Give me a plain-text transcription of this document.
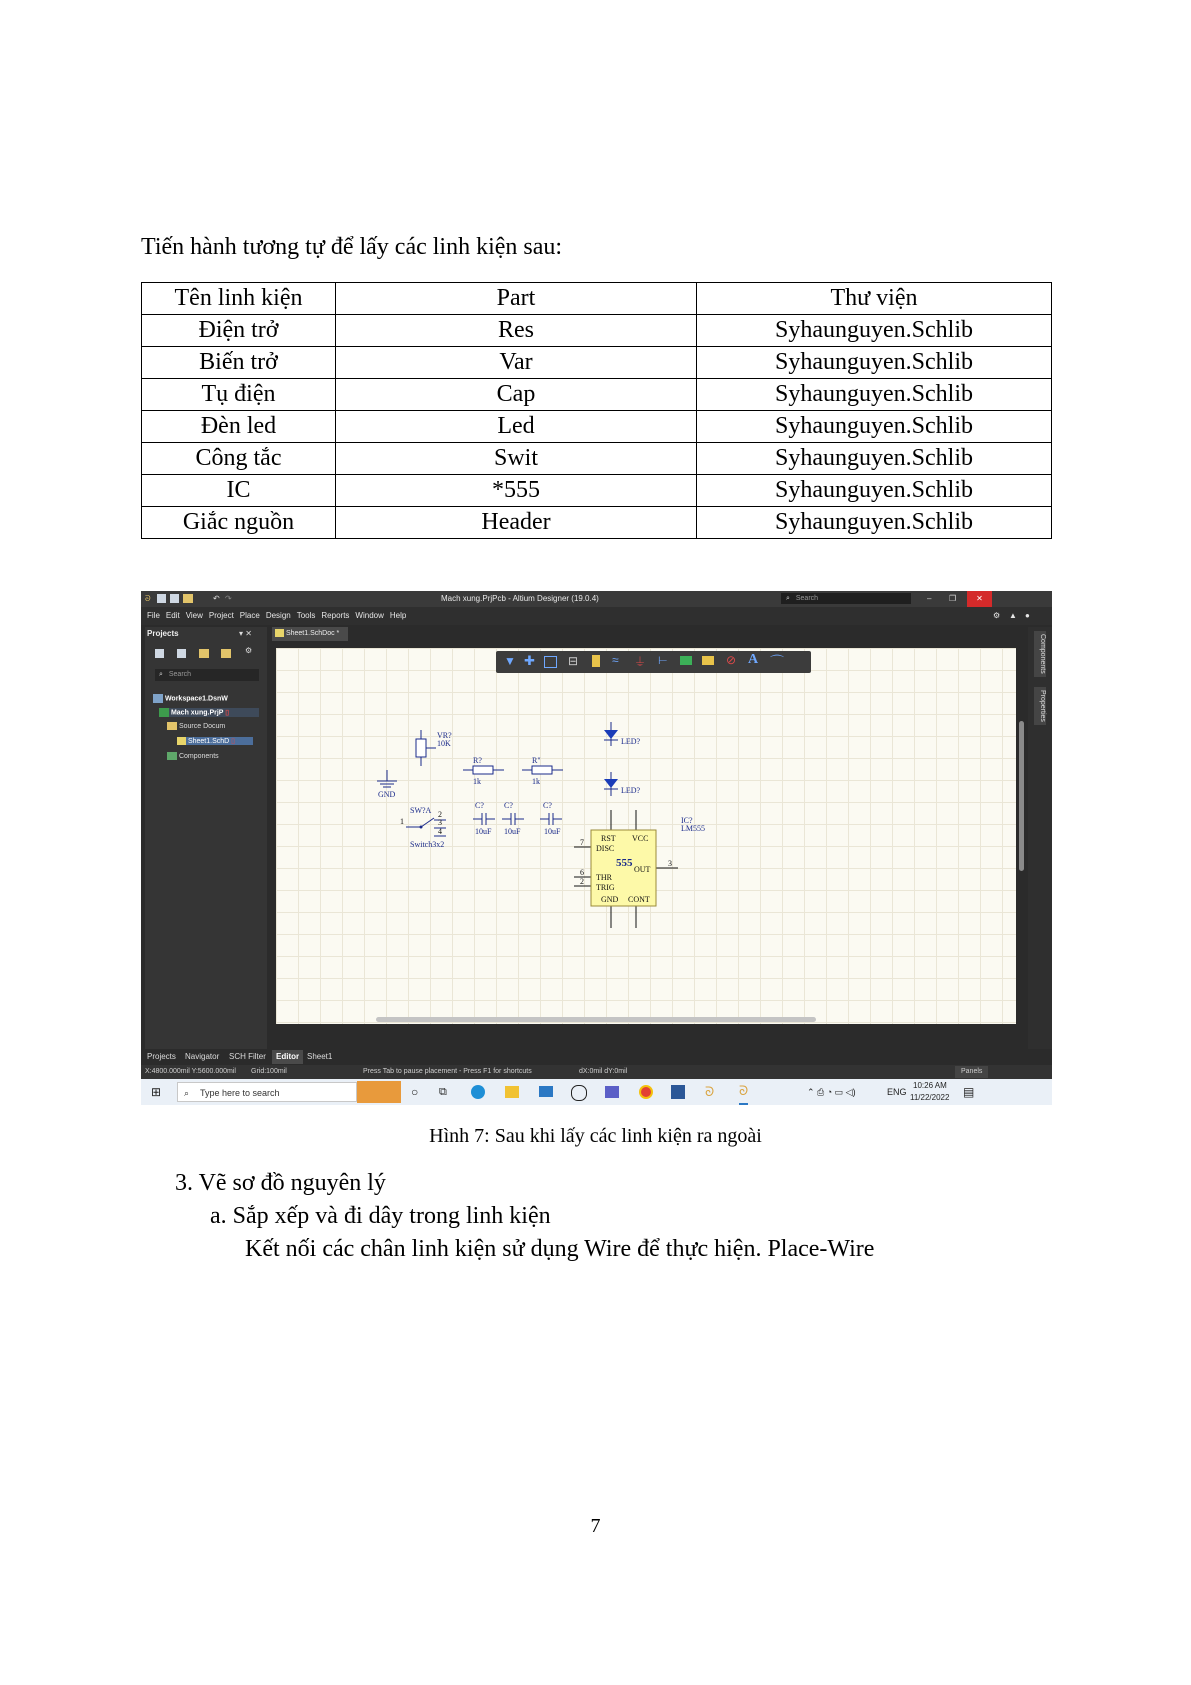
Tiến hành tương tự để lấy các linh kiện sau:
Tên linh kiện	Part	Thư viện
Điện trở	Res	Syhaunguyen.Schlib
Biến trở	Var	Syhaunguyen.Schlib
Tụ điện	Cap	Syhaunguyen.Schlib
Đèn led	Led	Syhaunguyen.Schlib
Công tắc	Swit	Syhaunguyen.Schlib
IC	*555	Syhaunguyen.Schlib
Giắc nguồn	Header	Syhaunguyen.Schlib
ᘐ	↶ ↷	Mach xung.PrjPcb - Altium Designer (19.0.4)	⌕ Search	– ❐	✕
File Edit View Project Place Design Tools Reports Window Help	⚙ ▲ ●
Projects	▾ ✕
⚙
⌕ Search
Workspace1.DsnW
Mach xung.PrjP ▯
Source Docum
Sheet1.SchD ▯
Components
Sheet1.SchDoc *
Components
Properties
VR?
10K
R?
1k
R"
1k
GND
LED?
LED?
SW?A
1
2
3
4
Switch3x2
C?
10uF
C?
10uF
C?
10uF
RST VCC
DISC
555
OUT
THR
TRIG
GND CONT
7
3
6
2
IC?
LM555
▼ ✚	⊟	≈ ⏚ ⊢	⊘ A ⌒
Projects Navigator SCH Filter	Editor Sheet1
X:4800.000mil Y:5600.000mil Grid:100mil	Press Tab to pause placement - Press F1 for shortcuts	dX:0mil dY:0mil	Panels
⊞	⌕ Type here to search	○ ⧉	ᘐ ᘐ	⌃ ⎙ ◔ ▭ ◁)	ENG
10:26 AM
11/22/2022 ▤
Hình 7: Sau khi lấy các linh kiện ra ngoài
3. Vẽ sơ đồ nguyên lý
a. Sắp xếp và đi dây trong linh kiện
Kết nối các chân linh kiện sử dụng Wire để thực hiện. Place-Wire
7
